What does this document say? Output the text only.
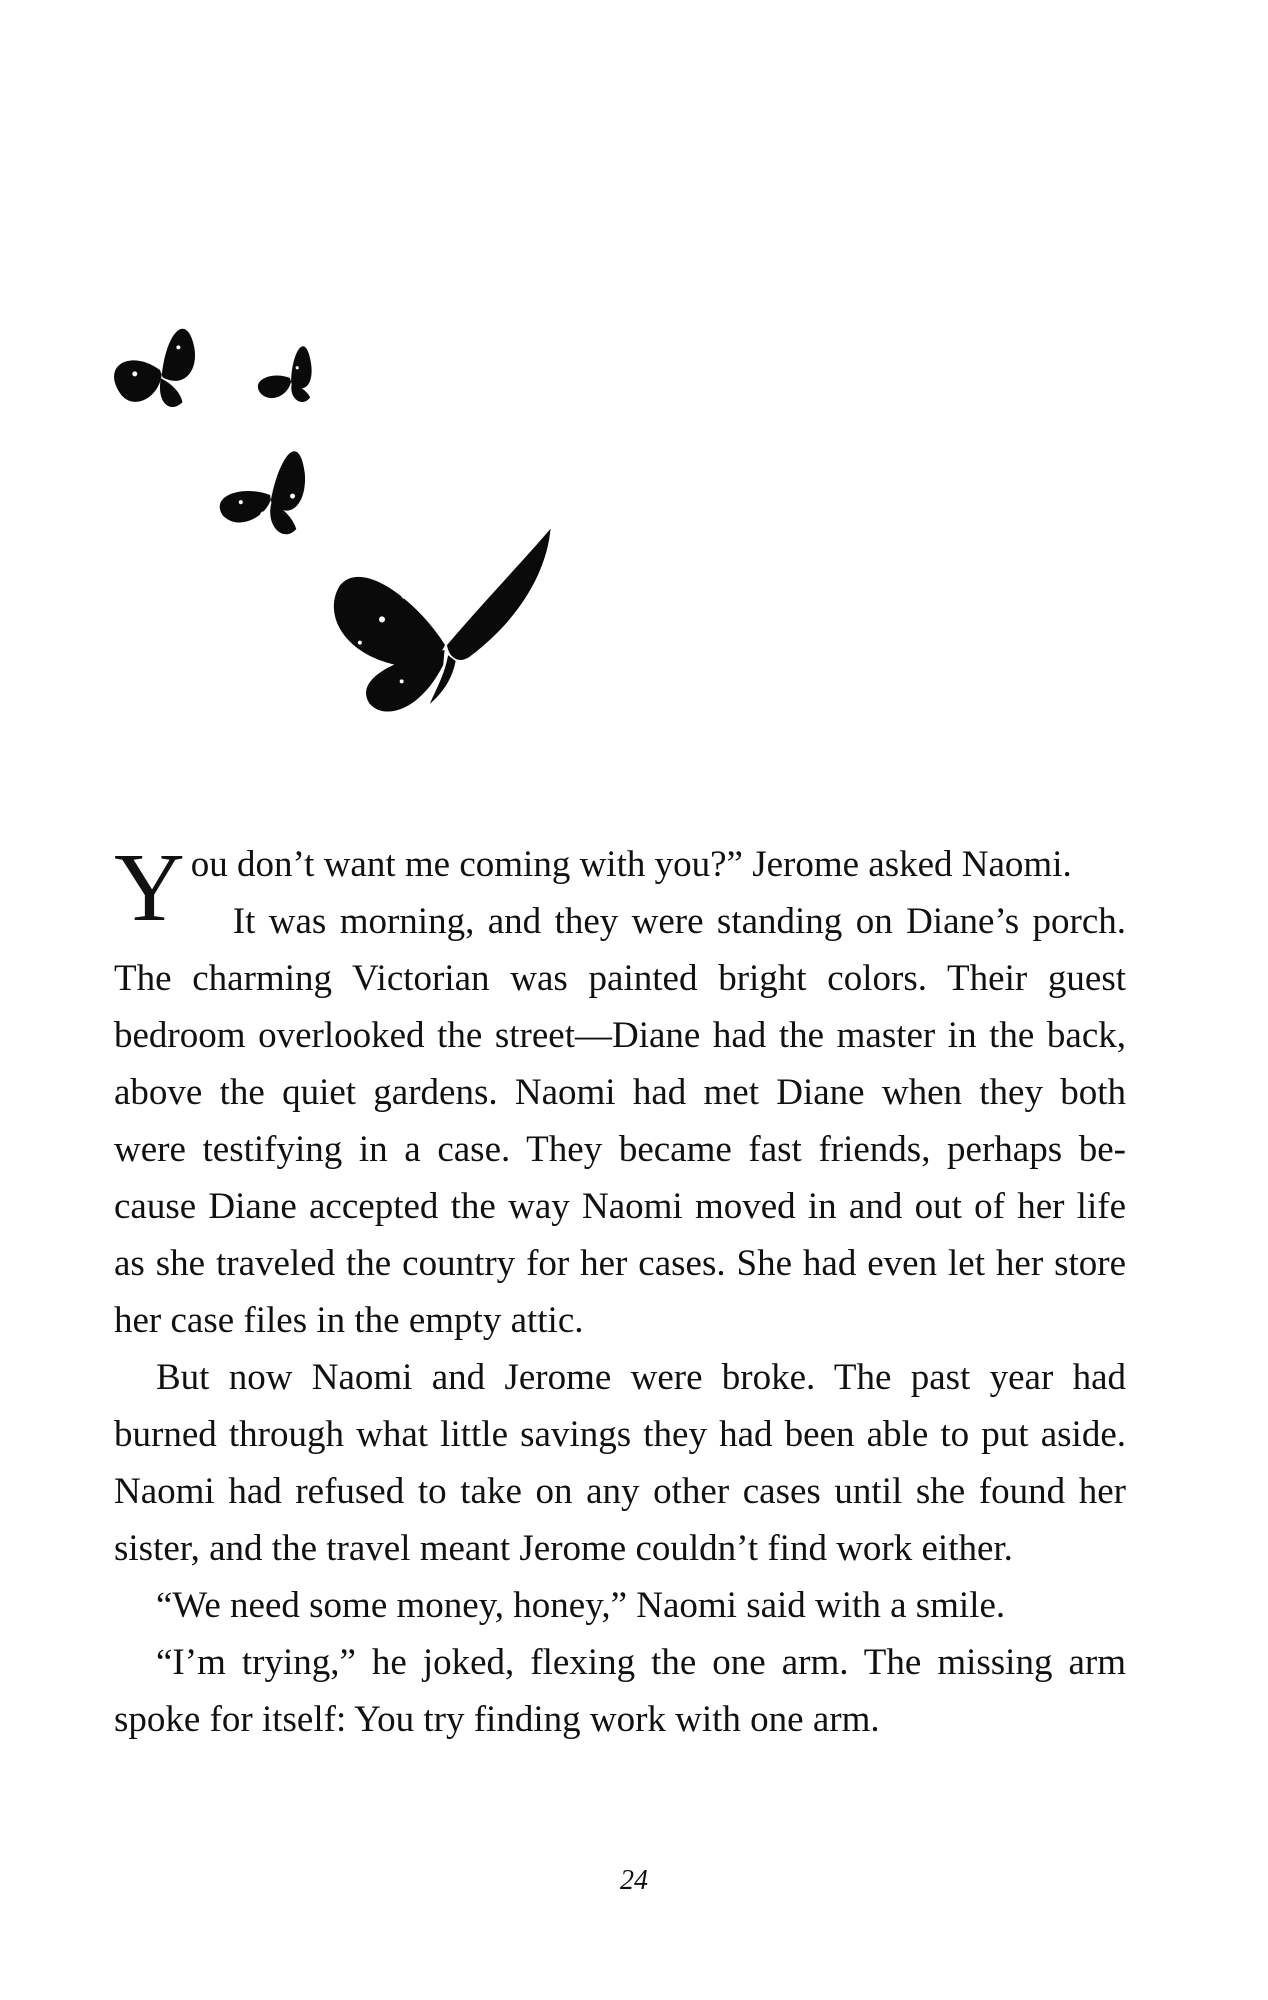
You don’t want me coming with you?” Jerome asked Naomi.

It was morning, and they were standing on Diane’s porch. The charming Victorian was painted bright colors. Their guest bedroom overlooked the street—Diane had the master in the back, above the quiet gardens. Naomi had met Diane when they both were testifying in a case. They became fast friends, perhaps be-cause Diane accepted the way Naomi moved in and out of her life as she traveled the country for her cases. She had even let her store her case files in the empty attic.

But now Naomi and Jerome were broke. The past year had burned through what little savings they had been able to put aside. Naomi had refused to take on any other cases until she found her sister, and the travel meant Jerome couldn’t find work either.

“We need some money, honey,” Naomi said with a smile.

“I’m trying,” he joked, flexing the one arm. The missing arm spoke for itself: You try finding work with one arm.

24
